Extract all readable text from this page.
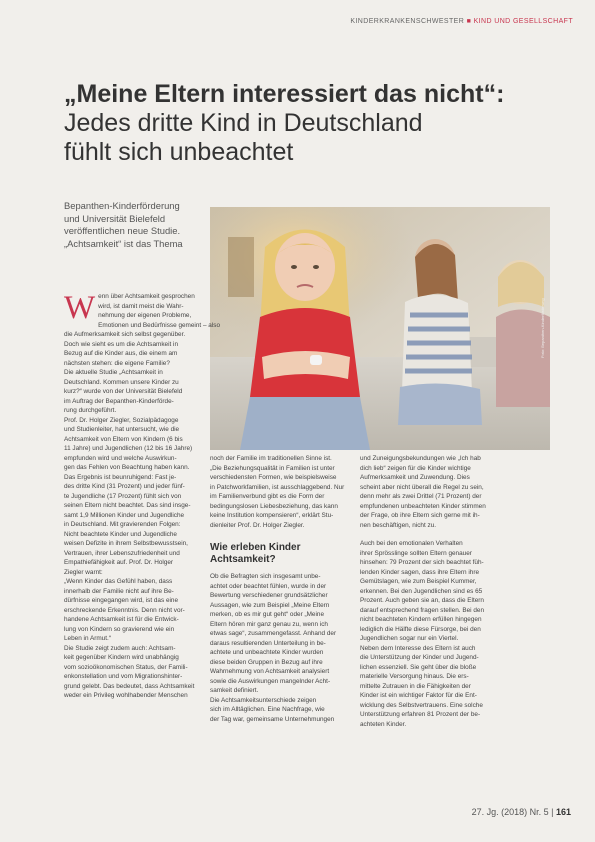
KINDERKRANKENSCHWESTER ■ KIND UND GESELLSCHAFT
„Meine Eltern interessiert das nicht“:
Jedes dritte Kind in Deutschland
fühlt sich unbeachtet
Bepanthen-Kinderförderung
und Universität Bielefeld
veröffentlichen neue Studie.
„Achtsamkeit“ ist das Thema
Foto: Bepanthen-Kinderförderung
W enn über Achtsamkeit gesprochen
wird, ist damit meist die Wahr-
nehmung der eigenen Probleme,
Emotionen und Bedürfnisse gemeint – also
die Aufmerksamkeit sich selbst gegenüber.
Doch wie sieht es um die Achtsamkeit in
Bezug auf die Kinder aus, die einem am
nächsten stehen: die eigene Familie?
Die aktuelle Studie „Achtsamkeit in
Deutschland. Kommen unsere Kinder zu
kurz?“ wurde von der Universität Bielefeld
im Auftrag der Bepanthen-Kinderförde-
rung durchgeführt.
Prof. Dr. Holger Ziegler, Sozialpädagoge
und Studienleiter, hat untersucht, wie die
Achtsamkeit von Eltern von Kindern (6 bis
11 Jahre) und Jugendlichen (12 bis 16 Jahre)
empfunden wird und welche Auswirkun-
gen das Fehlen von Beachtung haben kann.
Das Ergebnis ist beunruhigend: Fast je-
des dritte Kind (31 Prozent) und jeder fünf-
te Jugendliche (17 Prozent) fühlt sich von
seinen Eltern nicht beachtet. Das sind insge-
samt 1,9 Millionen Kinder und Jugendliche
in Deutschland. Mit gravierenden Folgen:
Nicht beachtete Kinder und Jugendliche
weisen Defizite in ihrem Selbstbewusstsein,
Vertrauen, ihrer Lebenszufriedenheit und
Empathiefähigkeit auf. Prof. Dr. Holger
Ziegler warnt:
„Wenn Kinder das Gefühl haben, dass
innerhalb der Familie nicht auf ihre Be-
dürfnisse eingegangen wird, ist das eine
erschreckende Erkenntnis. Denn nicht vor-
handene Achtsamkeit ist für die Entwick-
lung von Kindern so gravierend wie ein
Leben in Armut.“
Die Studie zeigt zudem auch: Achtsam-
keit gegenüber Kindern wird unabhängig
vom sozioökonomischen Status, der Famili-
enkonstellation und vom Migrationshinter-
grund gelebt. Das bedeutet, dass Achtsamkeit
weder ein Privileg wohlhabender Menschen
noch der Familie im traditionellen Sinne ist.
„Die Beziehungsqualität in Familien ist unter
verschiedensten Formen, wie beispielsweise
in Patchworkfamilien, ist ausschlaggebend. Nur
im Familienverbund gibt es die Form der
bedingungslosen Liebesbeziehung, das kann
keine Institution kompensieren“, erklärt Stu-
dienleiter Prof. Dr. Holger Ziegler.
Wie erleben Kinder
Achtsamkeit?
Ob die Befragten sich insgesamt unbe-
achtet oder beachtet fühlen, wurde in der
Bewertung verschiedener grundsätzlicher
Aussagen, wie zum Beispiel „Meine Eltern
merken, ob es mir gut geht“ oder „Meine
Eltern hören mir ganz genau zu, wenn ich
etwas sage“, zusammengefasst. Anhand der
daraus resultierenden Unterteilung in be-
achtete und unbeachtete Kinder wurden
diese beiden Gruppen in Bezug auf ihre
Wahrnehmung von Achtsamkeit analysiert
sowie die Auswirkungen mangelnder Acht-
samkeit definiert.
Die Achtsamkeitsunterschiede zeigen
sich im Alltäglichen. Eine Nachfrage, wie
der Tag war, gemeinsame Unternehmungen
und Zuneigungsbekundungen wie „Ich hab
dich lieb“ zeigen für die Kinder wichtige
Aufmerksamkeit und Zuwendung. Dies
scheint aber nicht überall die Regel zu sein,
denn mehr als zwei Drittel (71 Prozent) der
empfundenen unbeachteten Kinder stimmen
der Frage, ob ihre Eltern sich gerne mit ih-
nen beschäftigen, nicht zu.
Auch bei den emotionalen Verhalten
ihrer Sprösslinge sollten Eltern genauer
hinsehen: 79 Prozent der sich beachtet füh-
lenden Kinder sagen, dass ihre Eltern ihre
Gemütslagen, wie zum Beispiel Kummer,
erkennen. Bei den Jugendlichen sind es 65
Prozent. Auch geben sie an, dass die Eltern
darauf entsprechend fragen stellen. Bei den
nicht beachteten Kindern erfüllen hingegen
lediglich die Hälfte diese Fürsorge, bei den
Jugendlichen sogar nur ein Viertel.
Neben dem Interesse des Eltern ist auch
die Unterstützung der Kinder und Jugend-
lichen essenziell. Sie geht über die bloße
materielle Versorgung hinaus. Die ers-
mittelte Zutrauen in die Fähigkeiten der
Kinder ist ein wichtiger Faktor für die Ent-
wicklung des Selbstvertrauens. Eine solche
Unterstützung erfahren 81 Prozent der be-
achteten Kinder.
27. Jg. (2018) Nr. 5 | 161
